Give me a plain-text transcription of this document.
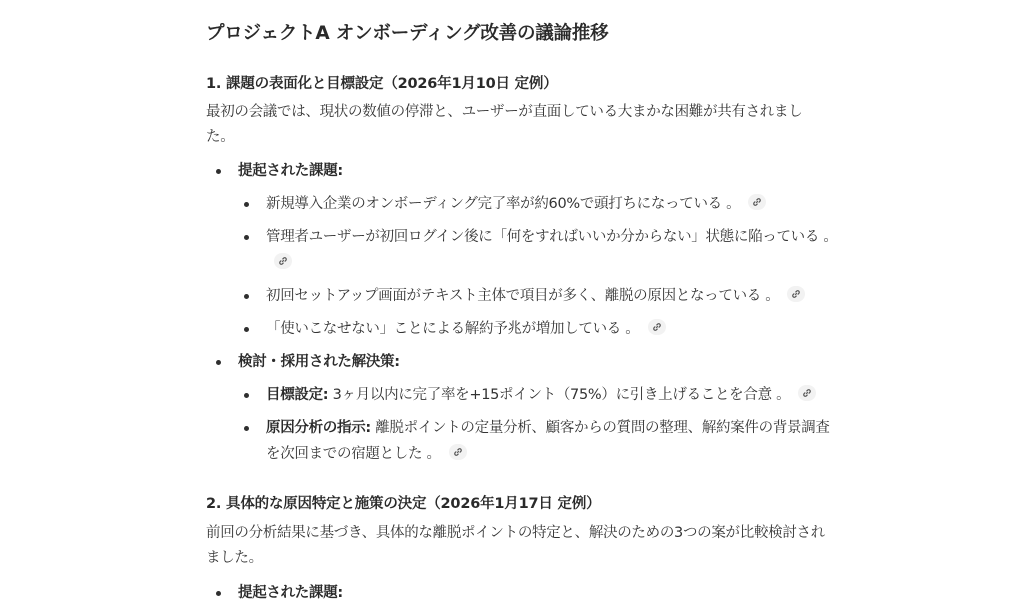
プロジェクトA オンボーディング改善の議論推移
1. 課題の表面化と目標設定（2026年1月10日 定例）

最初の会議では、現状の数値の停滞と、ユーザーが直面している大まかな困難が共有されました。

提起された課題:
新規導入企業のオンボーディング完了率が約60%で頭打ちになっている 。
管理者ユーザーが初回ログイン後に「何をすればいいか分からない」状態に陥っている 。
初回セットアップ画面がテキスト主体で項目が多く、離脱の原因となっている 。
「使いこなせない」ことによる解約予兆が増加している 。
検討・採用された解決策:
目標設定: 3ヶ月以内に完了率を+15ポイント（75%）に引き上げることを合意 。
原因分析の指示: 離脱ポイントの定量分析、顧客からの質問の整理、解約案件の背景調査を次回までの宿題とした 。
2. 具体的な原因特定と施策の決定（2026年1月17日 定例）

前回の分析結果に基づき、具体的な離脱ポイントの特定と、解決のための3つの案が比較検討されました。

提起された課題:
